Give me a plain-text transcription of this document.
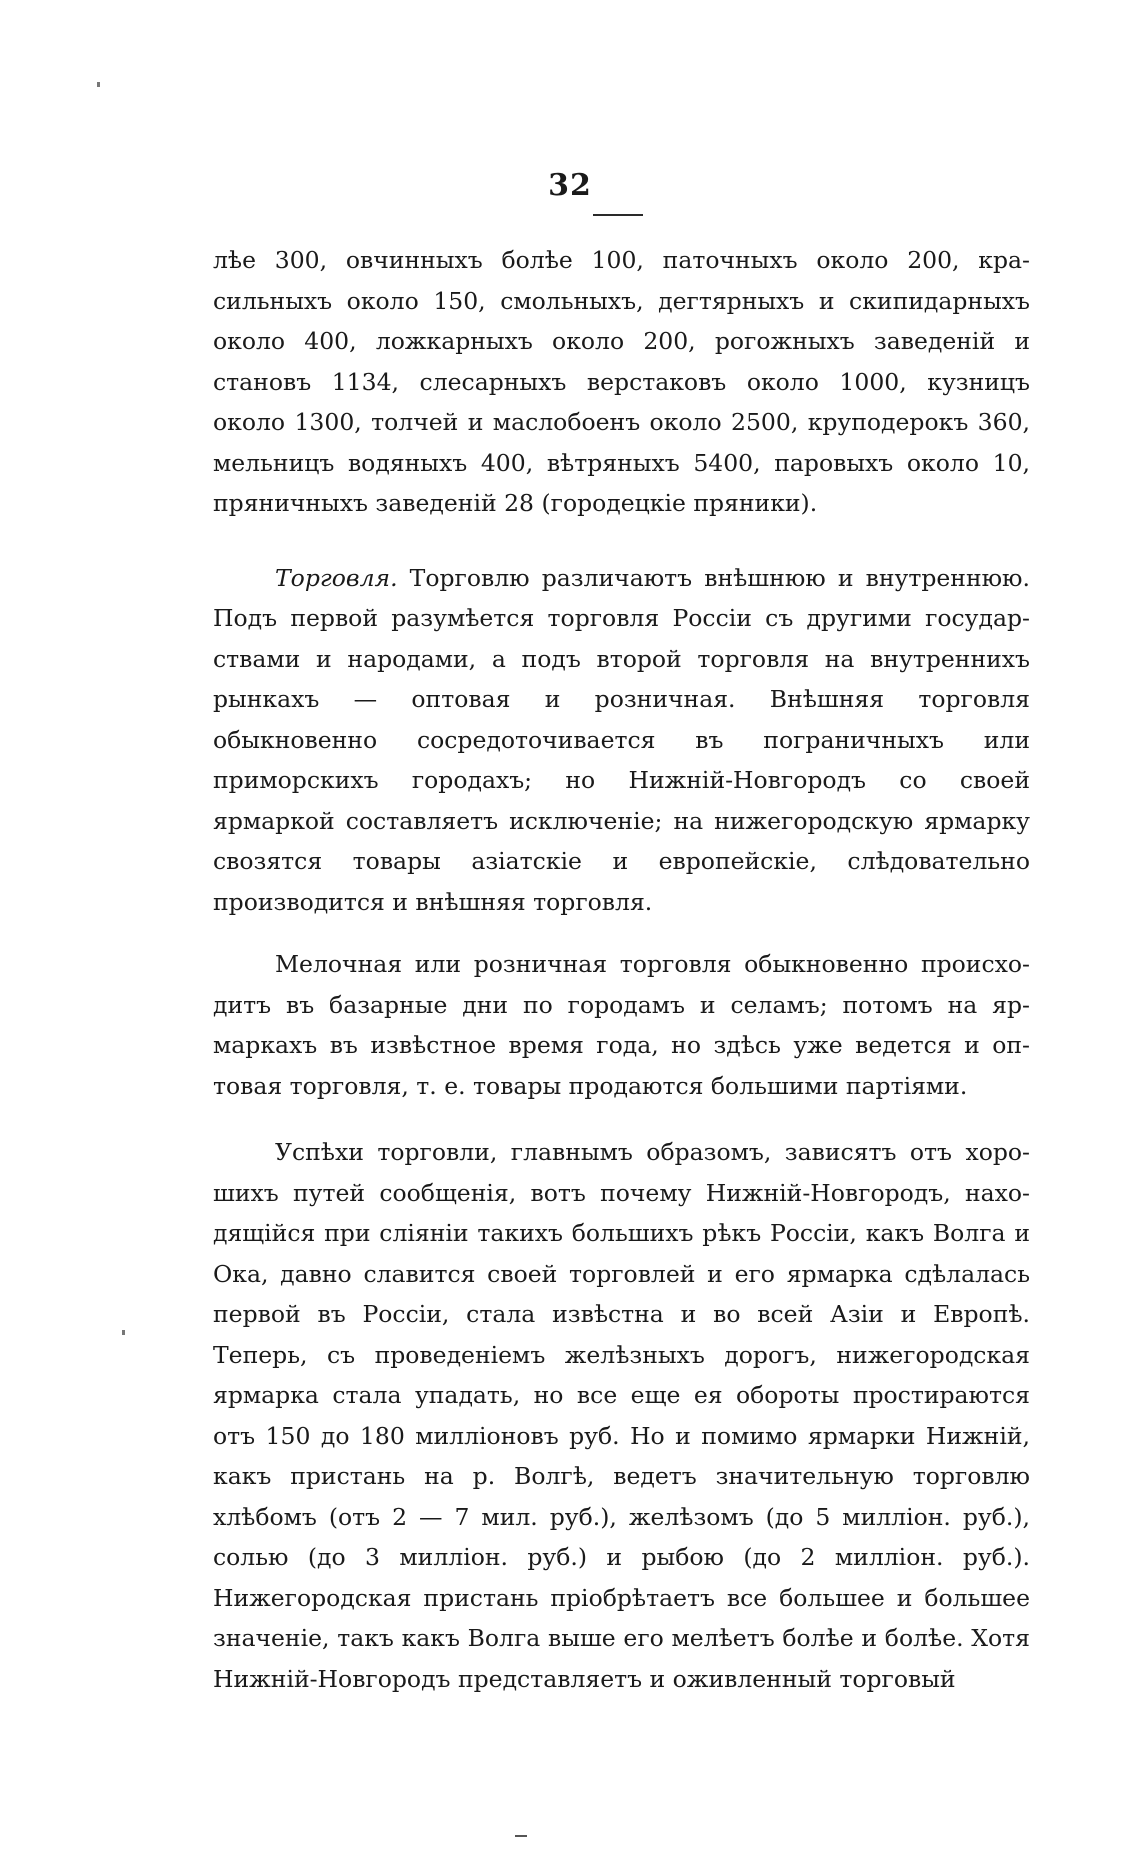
32

лѣе 300, овчинныхъ болѣе 100, паточныхъ около 200, красильныхъ около 150, смольныхъ, дегтярныхъ и скипидарныхъ около 400, ложкарныхъ около 200, рогожныхъ заведеній и становъ 1134, слесарныхъ верстаковъ около 1000, кузницъ около 1300, толчей и маслобоенъ около 2500, круподерокъ 360, мельницъ водяныхъ 400, вѣтряныхъ 5400, паровыхъ около 10, пряничныхъ заведеній 28 (городецкіе пряники).

Торговля. Торговлю различаютъ внѣшнюю и внутреннюю. Подъ первой разумѣется торговля Россіи съ другими государствами и народами, а подъ второй торговля на внутреннихъ рынкахъ — оптовая и розничная. Внѣшняя торговля обыкновенно сосредоточивается въ пограничныхъ или приморскихъ городахъ; но Нижній-Новгородъ со своей ярмаркой составляетъ исключеніе; на нижегородскую ярмарку свозятся товары азіатскіе и европейскіе, слѣдовательно производится и внѣшняя торговля.

Мелочная или розничная торговля обыкновенно происходитъ въ базарные дни по городамъ и селамъ; потомъ на ярмаркахъ въ извѣстное время года, но здѣсь уже ведется и оптовая торговля, т. е. товары продаются большими партіями.

Успѣхи торговли, главнымъ образомъ, зависятъ отъ хорошихъ путей сообщенія, вотъ почему Нижній-Новгородъ, находящійся при сліяніи такихъ большихъ рѣкъ Россіи, какъ Волга и Ока, давно славится своей торговлей и его ярмарка сдѣлалась первой въ Россіи, стала извѣстна и во всей Азіи и Европѣ. Теперь, съ проведеніемъ желѣзныхъ дорогъ, нижегородская ярмарка стала упадать, но все еще ея обороты простираются отъ 150 до 180 милліоновъ руб. Но и помимо ярмарки Нижній, какъ пристань на р. Волгѣ, ведетъ значительную торговлю хлѣбомъ (отъ 2 — 7 мил. руб.), желѣзомъ (до 5 милліон. руб.), солью (до 3 милліон. руб.) и рыбою (до 2 милліон. руб.). Нижегородская пристань пріобрѣтаетъ все большее и большее значеніе, такъ какъ Волга выше его мелѣетъ болѣе и болѣе. Хотя Нижній-Новгородъ представляетъ и оживленный торговый
